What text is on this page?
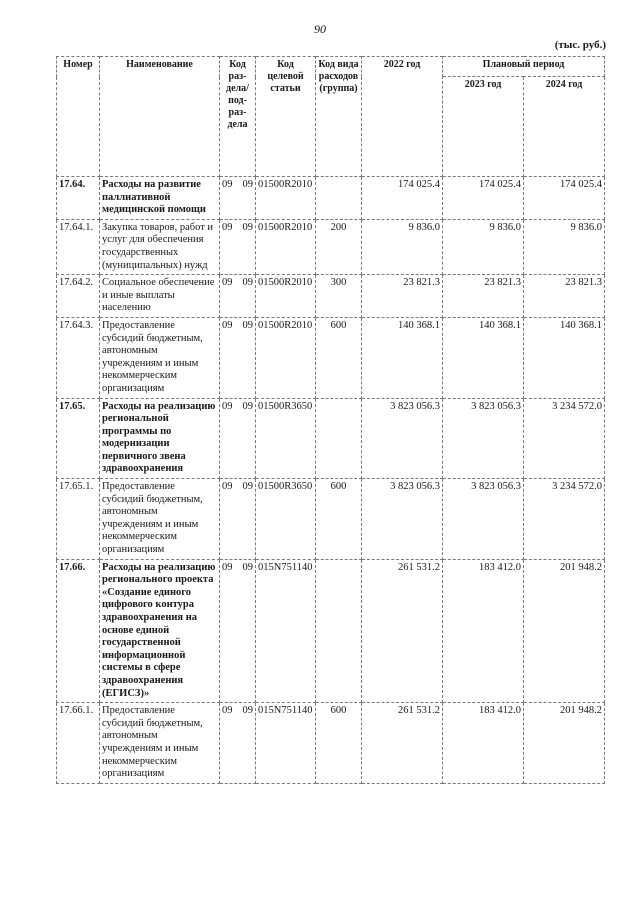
90
(тыс. руб.)
Номер	Наименование	Код раз-дела/ под-раз-дела	Код целевой статьи	Код вида расходов (группа)	2022 год	Плановый период	
						2023 год	2024 год
17.64.	Расходы на развитие паллиативной медицинской помощи	09 09	01500R2010		174 025.4	174 025.4	174 025.4
17.64.1.	Закупка товаров, работ и услуг для обеспечения государственных (муниципальных) нужд	09 09	01500R2010	200	9 836.0	9 836.0	9 836.0
17.64.2.	Социальное обеспечение и иные выплаты населению	09 09	01500R2010	300	23 821.3	23 821.3	23 821.3
17.64.3.	Предоставление субсидий бюджетным, автономным учреждениям и иным некоммерческим организациям	09 09	01500R2010	600	140 368.1	140 368.1	140 368.1
17.65.	Расходы на реализацию региональной программы по модернизации первичного звена здравоохранения	09 09	01500R3650		3 823 056.3	3 823 056.3	3 234 572.0
17.65.1.	Предоставление субсидий бюджетным, автономным учреждениям и иным некоммерческим организациям	09 09	01500R3650	600	3 823 056.3	3 823 056.3	3 234 572.0
17.66.	Расходы на реализацию регионального проекта «Создание единого цифрового контура здравоохранения на основе единой государственной информационной системы в сфере здравоохранения (ЕГИСЗ)»	09 09	015N751140		261 531.2	183 412.0	201 948.2
17.66.1.	Предоставление субсидий бюджетным, автономным учреждениям и иным некоммерческим организациям	09 09	015N751140	600	261 531.2	183 412.0	201 948.2
